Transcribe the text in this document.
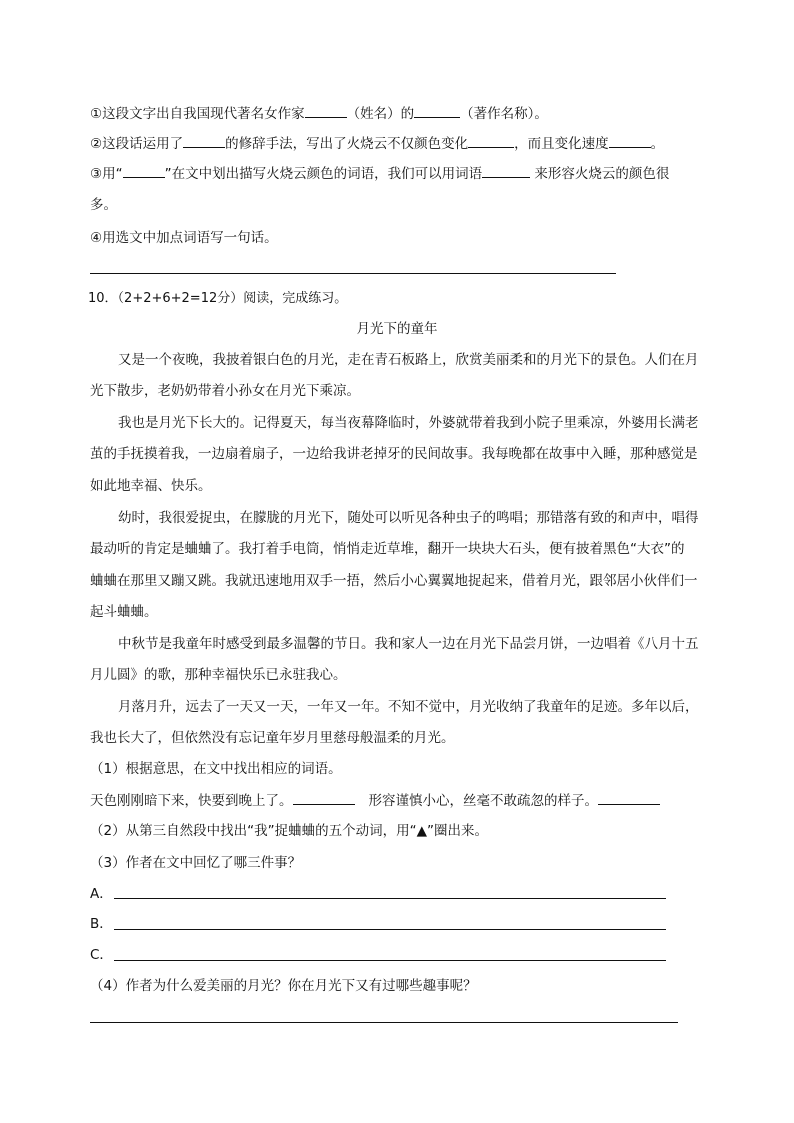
①这段文字出自我国现代著名女作家	（姓名）的	（著作名称）。
②这段话运用了	的修辞手法，写出了火烧云不仅颜色变化	，而且变化速度	。
③用“	”在文中划出描写火烧云颜色的词语，我们可以用词语	来形容火烧云的颜色很
多。
④用选文中加点词语写一句话。
10．（2+2+6+2=12分）阅读，完成练习。
月光下的童年
又是一个夜晚，我披着银白色的月光，走在青石板路上，欣赏美丽柔和的月光下的景色。人们在月
光下散步，老奶奶带着小孙女在月光下乘凉。
我也是月光下长大的。记得夏天，每当夜幕降临时，外婆就带着我到小院子里乘凉，外婆用长满老
茧的手抚摸着我，一边扇着扇子，一边给我讲老掉牙的民间故事。我每晚都在故事中入睡，那种感觉是
如此地幸福、快乐。
幼时，我很爱捉虫，在朦胧的月光下，随处可以听见各种虫子的鸣唱；那错落有致的和声中，唱得
最动听的肯定是蛐蛐了。我打着手电筒，悄悄走近草堆，翻开一块块大石头，便有披着黑色“大衣”的
蛐蛐在那里又蹦又跳。我就迅速地用双手一捂，然后小心翼翼地捉起来，借着月光，跟邻居小伙伴们一
起斗蛐蛐。
中秋节是我童年时感受到最多温馨的节日。我和家人一边在月光下品尝月饼，一边唱着《八月十五
月儿圆》的歌，那种幸福快乐已永驻我心。
月落月升，远去了一天又一天，一年又一年。不知不觉中，月光收纳了我童年的足迹。多年以后，
我也长大了，但依然没有忘记童年岁月里慈母般温柔的月光。
（1）根据意思，在文中找出相应的词语。
天色刚刚暗下来，快要到晚上了。	形容谨慎小心，丝毫不敢疏忽的样子。
（2）从第三自然段中找出“我”捉蛐蛐的五个动词，用“▲”圈出来。
（3）作者在文中回忆了哪三件事？
A．
B．
C．
（4）作者为什么爱美丽的月光？你在月光下又有过哪些趣事呢？
